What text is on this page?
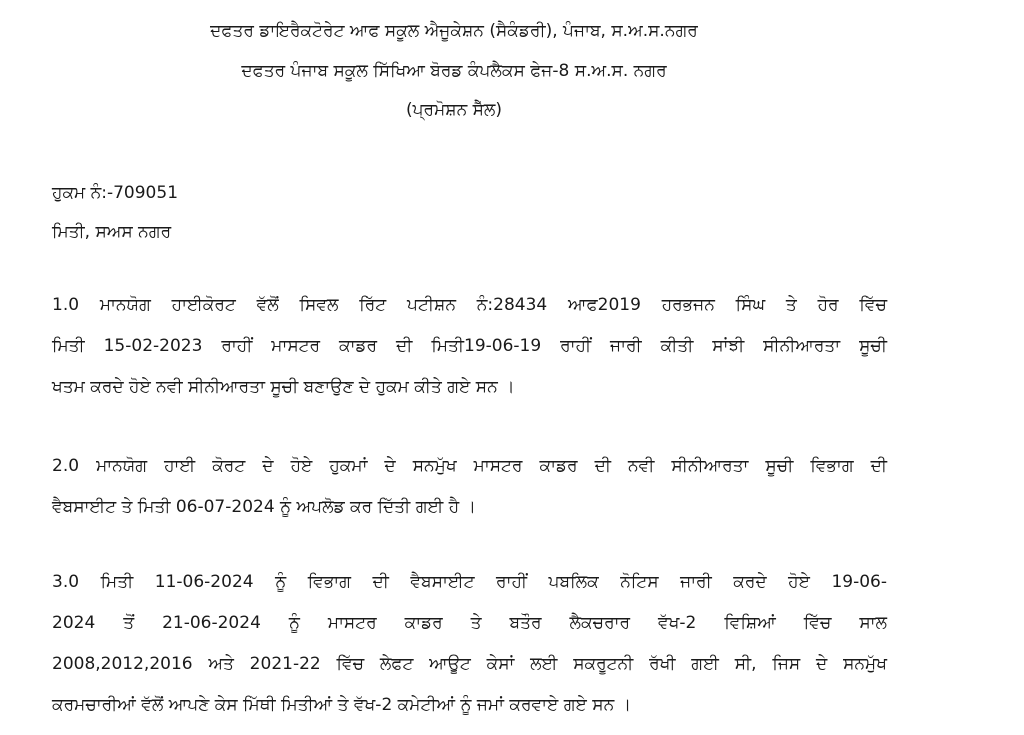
ਦਫਤਰ ਡਾਇਰੈਕਟੋਰੇਟ ਆਫ ਸਕੂਲ ਐਜੂਕੇਸ਼ਨ (ਸੈਕੰਡਰੀ), ਪੰਜਾਬ, ਸ.ਅ.ਸ.ਨਗਰ
ਦਫਤਰ ਪੰਜਾਬ ਸਕੂਲ ਸਿੱਖਿਆ ਬੋਰਡ ਕੰਪਲੈਕਸ ਫੇਜ-8 ਸ.ਅ.ਸ. ਨਗਰ
(ਪ੍ਰਮੋਸ਼ਨ ਸੈੱਲ)
ਹੁਕਮ ਨੰ:-709051
ਮਿਤੀ, ਸਅਸ ਨਗਰ
1.0 ਮਾਨਯੋਗ ਹਾਈਕੋਰਟ ਵੱਲੋਂ ਸਿਵਲ ਰਿੱਟ ਪਟੀਸ਼ਨ ਨੰ:28434 ਆਫ2019 ਹਰਭਜਨ ਸਿੰਘ ਤੇ ਹੋਰ ਵਿੱਚ
ਮਿਤੀ 15-02-2023 ਰਾਹੀਂ ਮਾਸਟਰ ਕਾਡਰ ਦੀ ਮਿਤੀ19-06-19 ਰਾਹੀਂ ਜਾਰੀ ਕੀਤੀ ਸਾਂਝੀ ਸੀਨੀਆਰਤਾ ਸੂਚੀ
ਖਤਮ ਕਰਦੇ ਹੋਏ ਨਵੀ ਸੀਨੀਆਰਤਾ ਸੂਚੀ ਬਣਾਉਣ ਦੇ ਹੁਕਮ ਕੀਤੇ ਗਏ ਸਨ ।
2.0 ਮਾਨਯੋਗ ਹਾਈ ਕੋਰਟ ਦੇ ਹੋਏ ਹੁਕਮਾਂ ਦੇ ਸਨਮੁੱਖ ਮਾਸਟਰ ਕਾਡਰ ਦੀ ਨਵੀ ਸੀਨੀਆਰਤਾ ਸੂਚੀ ਵਿਭਾਗ ਦੀ
ਵੈਬਸਾਈਟ ਤੇ ਮਿਤੀ 06-07-2024 ਨੂੰ ਅਪਲੋਡ ਕਰ ਦਿੱਤੀ ਗਈ ਹੈ ।
3.0 ਮਿਤੀ 11-06-2024 ਨੂੰ ਵਿਭਾਗ ਦੀ ਵੈਬਸਾਈਟ ਰਾਹੀਂ ਪਬਲਿਕ ਨੋਟਿਸ ਜਾਰੀ ਕਰਦੇ ਹੋਏ 19-06-
2024 ਤੋਂ 21-06-2024 ਨੂੰ ਮਾਸਟਰ ਕਾਡਰ ਤੇ ਬਤੌਰ ਲੈਕਚਰਾਰ ਵੱਖ-2 ਵਿਸ਼ਿਆਂ ਵਿੱਚ ਸਾਲ
2008,2012,2016 ਅਤੇ 2021-22 ਵਿੱਚ ਲੇਫਟ ਆਊਟ ਕੇਸਾਂ ਲਈ ਸਕਰੂਟਨੀ ਰੱਖੀ ਗਈ ਸੀ, ਜਿਸ ਦੇ ਸਨਮੁੱਖ
ਕਰਮਚਾਰੀਆਂ ਵੱਲੋਂ ਆਪਣੇ ਕੇਸ ਮਿੱਥੀ ਮਿਤੀਆਂ ਤੇ ਵੱਖ-2 ਕਮੇਟੀਆਂ ਨੂੰ ਜਮਾਂ ਕਰਵਾਏ ਗਏ ਸਨ ।
